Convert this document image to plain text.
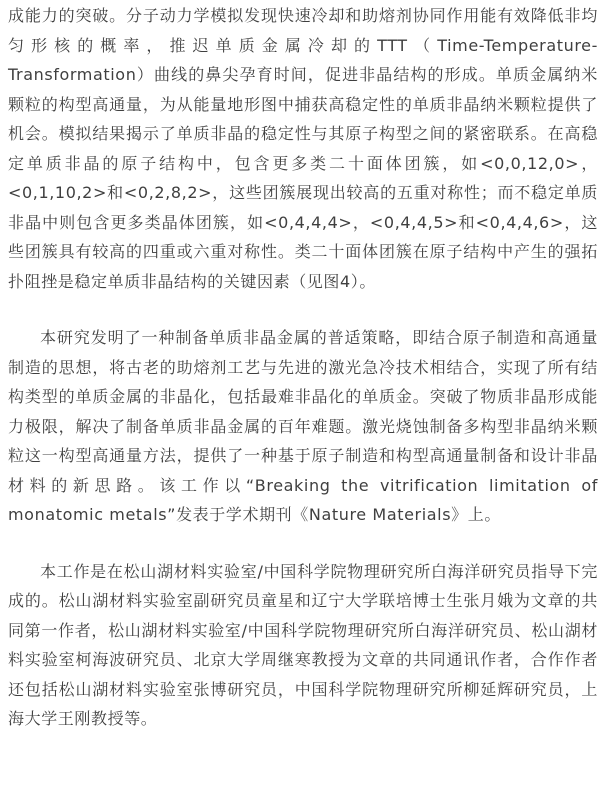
成能力的突破。分子动力学模拟发现快速冷却和助熔剂协同作用能有效降低非均匀形核的概率，推迟单质金属冷却的TTT（Time-Temperature-Transformation）曲线的鼻尖孕育时间，促进非晶结构的形成。单质金属纳米颗粒的构型高通量，为从能量地形图中捕获高稳定性的单质非晶纳米颗粒提供了机会。模拟结果揭示了单质非晶的稳定性与其原子构型之间的紧密联系。在高稳定单质非晶的原子结构中，包含更多类二十面体团簇，如<0,0,12,0>，<0,1,10,2>和<0,2,8,2>，这些团簇展现出较高的五重对称性；而不稳定单质非晶中则包含更多类晶体团簇，如<0,4,4,4>，<0,4,4,5>和<0,4,4,6>，这些团簇具有较高的四重或六重对称性。类二十面体团簇在原子结构中产生的强拓扑阻挫是稳定单质非晶结构的关键因素（见图4）。

本研究发明了一种制备单质非晶金属的普适策略，即结合原子制造和高通量制造的思想，将古老的助熔剂工艺与先进的激光急冷技术相结合，实现了所有结构类型的单质金属的非晶化，包括最难非晶化的单质金。突破了物质非晶形成能力极限，解决了制备单质非晶金属的百年难题。激光烧蚀制备多构型非晶纳米颗粒这一构型高通量方法，提供了一种基于原子制造和构型高通量制备和设计非晶材料的新思路。该工作以“Breaking the vitrification limitation of monatomic metals”发表于学术期刊《Nature Materials》上。

本工作是在松山湖材料实验室/中国科学院物理研究所白海洋研究员指导下完成的。松山湖材料实验室副研究员童星和辽宁大学联培博士生张月娥为文章的共同第一作者，松山湖材料实验室/中国科学院物理研究所白海洋研究员、松山湖材料实验室柯海波研究员、北京大学周继寒教授为文章的共同通讯作者，合作作者还包括松山湖材料实验室张博研究员，中国科学院物理研究所柳延辉研究员，上海大学王刚教授等。
